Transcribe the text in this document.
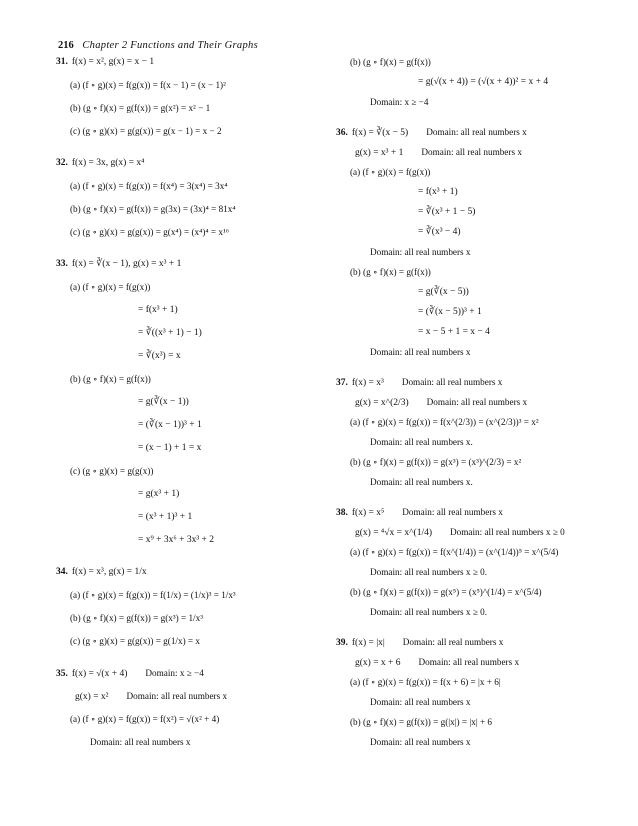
216 Chapter 2 Functions and Their Graphs
31. f(x) = x², g(x) = x − 1
(a) (f ∘ g)(x) = f(g(x)) = f(x − 1) = (x − 1)²
(b) (g ∘ f)(x) = g(f(x)) = g(x²) = x² − 1
(c) (g ∘ g)(x) = g(g(x)) = g(x − 1) = x − 2
32. f(x) = 3x, g(x) = x⁴
(a) (f ∘ g)(x) = f(g(x)) = f(x⁴) = 3(x⁴) = 3x⁴
(b) (g ∘ f)(x) = g(f(x)) = g(3x) = (3x)⁴ = 81x⁴
(c) (g ∘ g)(x) = g(g(x)) = g(x⁴) = (x⁴)⁴ = x¹⁶
33. f(x) = ∛(x − 1), g(x) = x³ + 1
(a) (f ∘ g)(x) = f(g(x))
= f(x³ + 1)
= ∛((x³ + 1) − 1)
= ∛(x³) = x
(b) (g ∘ f)(x) = g(f(x))
= g(∛(x − 1))
= (∛(x − 1))³ + 1
= (x − 1) + 1 = x
(c) (g ∘ g)(x) = g(g(x))
= g(x³ + 1)
= (x³ + 1)³ + 1
= x⁹ + 3x⁶ + 3x³ + 2
34. f(x) = x³, g(x) = 1/x
(a) (f ∘ g)(x) = f(g(x)) = f(1/x) = (1/x)³ = 1/x³
(b) (g ∘ f)(x) = g(f(x)) = g(x³) = 1/x³
(c) (g ∘ g)(x) = g(g(x)) = g(1/x) = x
35. f(x) = √(x + 4) Domain: x ≥ −4
g(x) = x² Domain: all real numbers x
(a) (f ∘ g)(x) = f(g(x)) = f(x²) = √(x² + 4)
Domain: all real numbers x
(b) (g ∘ f)(x) = g(f(x))
= g(√(x + 4)) = (√(x + 4))² = x + 4
Domain: x ≥ −4
36. f(x) = ∛(x − 5) Domain: all real numbers x
g(x) = x³ + 1 Domain: all real numbers x
(a) (f ∘ g)(x) = f(g(x))
= f(x³ + 1)
= ∛(x³ + 1 − 5)
= ∛(x³ − 4)
Domain: all real numbers x
(b) (g ∘ f)(x) = g(f(x))
= g(∛(x − 5))
= (∛(x − 5))³ + 1
= x − 5 + 1 = x − 4
Domain: all real numbers x
37. f(x) = x³ Domain: all real numbers x
g(x) = x^(2/3) Domain: all real numbers x
(a) (f ∘ g)(x) = f(g(x)) = f(x^(2/3)) = (x^(2/3))³ = x²
Domain: all real numbers x.
(b) (g ∘ f)(x) = g(f(x)) = g(x³) = (x³)^(2/3) = x²
Domain: all real numbers x.
38. f(x) = x⁵ Domain: all real numbers x
g(x) = ⁴√x = x^(1/4) Domain: all real numbers x ≥ 0
(a) (f ∘ g)(x) = f(g(x)) = f(x^(1/4)) = (x^(1/4))⁵ = x^(5/4)
Domain: all real numbers x ≥ 0.
(b) (g ∘ f)(x) = g(f(x)) = g(x⁵) = (x⁵)^(1/4) = x^(5/4)
Domain: all real numbers x ≥ 0.
39. f(x) = |x| Domain: all real numbers x
g(x) = x + 6 Domain: all real numbers x
(a) (f ∘ g)(x) = f(g(x)) = f(x + 6) = |x + 6|
Domain: all real numbers x
(b) (g ∘ f)(x) = g(f(x)) = g(|x|) = |x| + 6
Domain: all real numbers x
